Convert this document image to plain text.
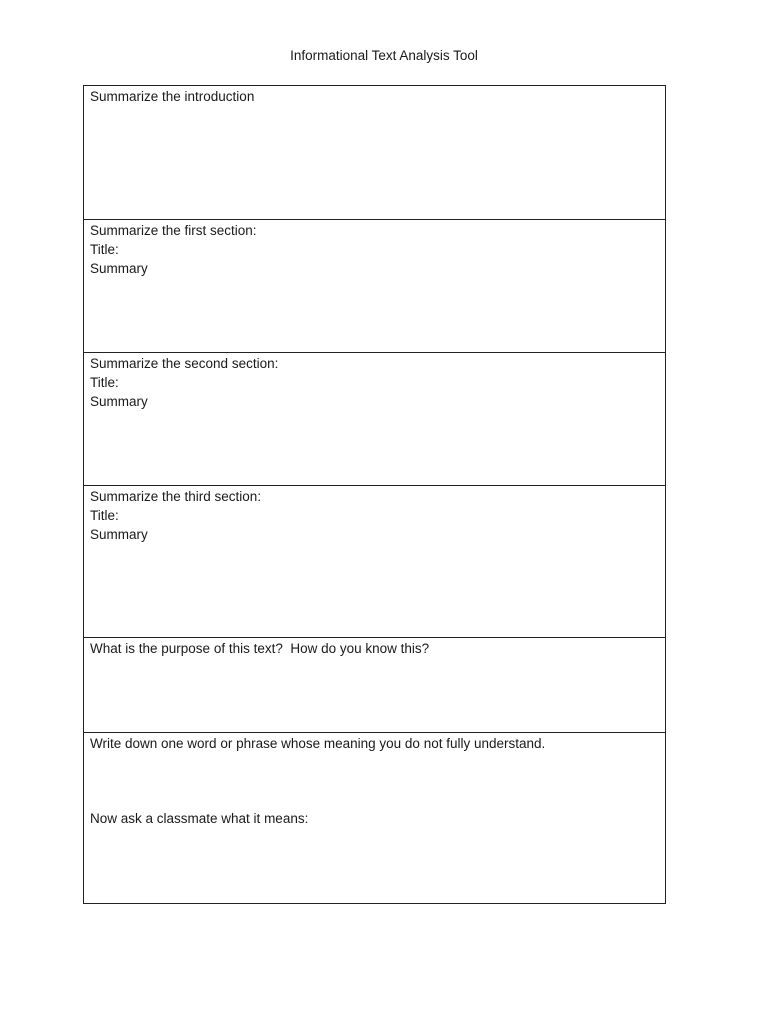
Informational Text Analysis Tool
Summarize the introduction
Summarize the first section:
Title:
Summary
Summarize the second section:
Title:
Summary
Summarize the third section:
Title:
Summary
What is the purpose of this text?  How do you know this?
Write down one word or phrase whose meaning you do not fully understand.
Now ask a classmate what it means:
